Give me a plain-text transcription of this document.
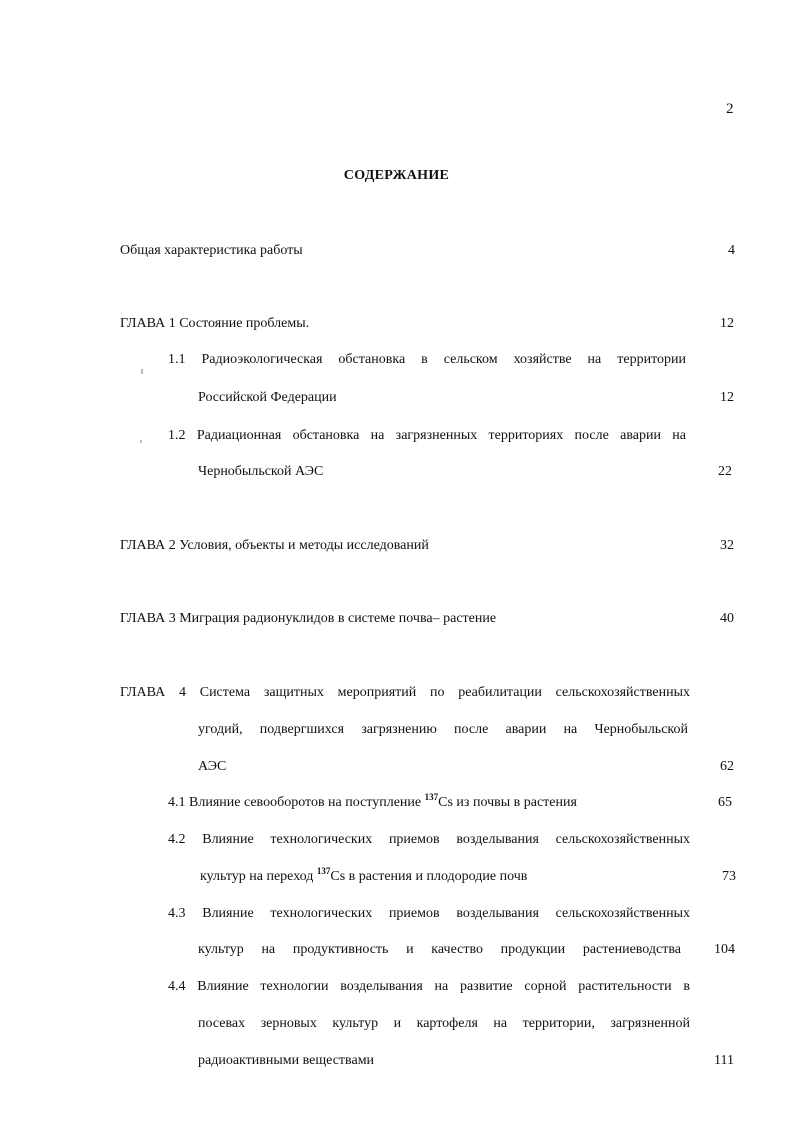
2
СОДЕРЖАНИЕ
Общая характеристика работы	4
ГЛАВА 1 Состояние проблемы.	12
1.1 Радиоэкологическая обстановка в сельском хозяйстве на территории
Российской Федерации	12
1.2 Радиационная обстановка на загрязненных территориях после аварии на
Чернобыльской АЭС	22
ГЛАВА 2 Условия, объекты и методы исследований	32
ГЛАВА 3 Миграция радионуклидов в системе почва– растение	40
ГЛАВА 4 Система защитных мероприятий по реабилитации сельскохозяйственных
угодий, подвергшихся загрязнению после аварии на Чернобыльской
АЭС	62
4.1 Влияние севооборотов на поступление $^{137}$Cs из почвы в растения	65
4.2 Влияние технологических приемов возделывания сельскохозяйственных
культур на переход $^{137}$Cs в растения и плодородие почв	73
4.3 Влияние технологических приемов возделывания сельскохозяйственных
культур на продуктивность и качество продукции растениеводства 104
4.4 Влияние технологии возделывания на развитие сорной растительности в
посевах зерновых культур и картофеля на территории, загрязненной
радиоактивными веществами	111
